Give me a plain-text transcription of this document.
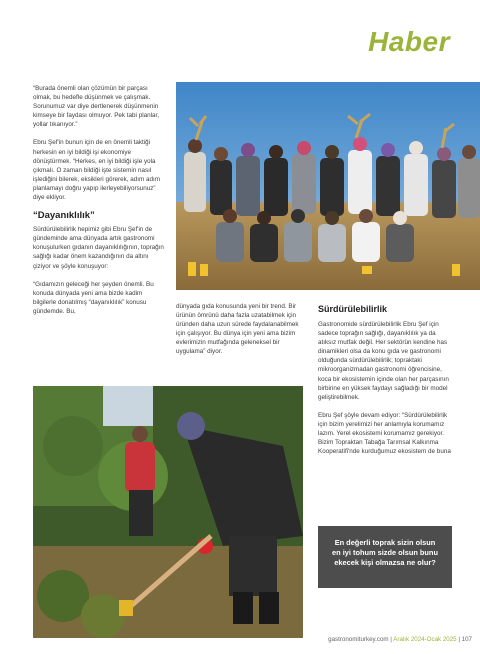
Haber

“Burada önemli olan çözümün bir parçası olmak, bu hedefle düşünmek ve çalışmak. Sorunumuz var diye dertlenerek düşünmenin kimseye bir faydası olmuyor. Pek tabi planlar, yollar tıkanıyor.”

Ebru Şef'in bunun için de en önemli taktiği herkesin en iyi bildiği işi ekonomiye dönüştürmek. “Herkes, en iyi bildiği işle yola çıkmalı. O zaman bildiği işte sistemin nasıl işlediğini bilerek, eksikleri görerek, adım adım planlamayı doğru yapıp ilerleyebiliyorsunuz” diye ekliyor.

“Dayanıklılık”

Sürdürülebilirlik hepimiz gibi Ebru Şef'in de gündeminde ama dünyada artık gastronomi konuşulurken gıdanın dayanıklılığının, toprağın sağlığı kadar önem kazandığının da altını çiziyor ve şöyle konuşuyor:

“Gıdamızın geleceği her şeyden önemli. Bu konuda dünyada yeni ama bizde kadim bilgilerle donatılmış “dayanıklılık” konusu gündemde. Bu,

dünyada gıda konusunda yeni bir trend. Bir ürünün ömrünü daha fazla uzatabilmek için üründen daha uzun sürede faydalanabilmek için çalışıyor. Bu dünya için yeni ama bizim evlerimizin mutfağında geleneksel bir uygulama” diyor.

Sürdürülebilirlik

Gastronomide sürdürülebilirlik Ebru Şef için sadece toprağın sağlığı, dayanıklılık ya da atıksız mutfak değil. Her sektörün kendine has dinamikleri olsa da konu gıda ve gastronomi olduğunda sürdürülebilirlik; topraktaki mikroorganizmadan gastronomi öğrencisine, koca bir ekosistemin içinde olan her parçasının birbirine en yüksek faydayı sağladığı bir model geliştirebilmek.

Ebru Şef şöyle devam ediyor: “Sürdürülebilirlik için bizim yerelimizi her anlamıyla korumamız lazım. Yerel ekosistemi korumamız gerekiyor. Bizim Topraktan Tabağa Tarımsal Kalkınma Kooperatifi'nde kurduğumuz ekosistem de buna

En değerli toprak sizin olsun en iyi tohum sizde olsun bunu ekecek kişi olmazsa ne olur?
gastronomiturkey.com | Aralık 2024-Ocak 2025 | 107
